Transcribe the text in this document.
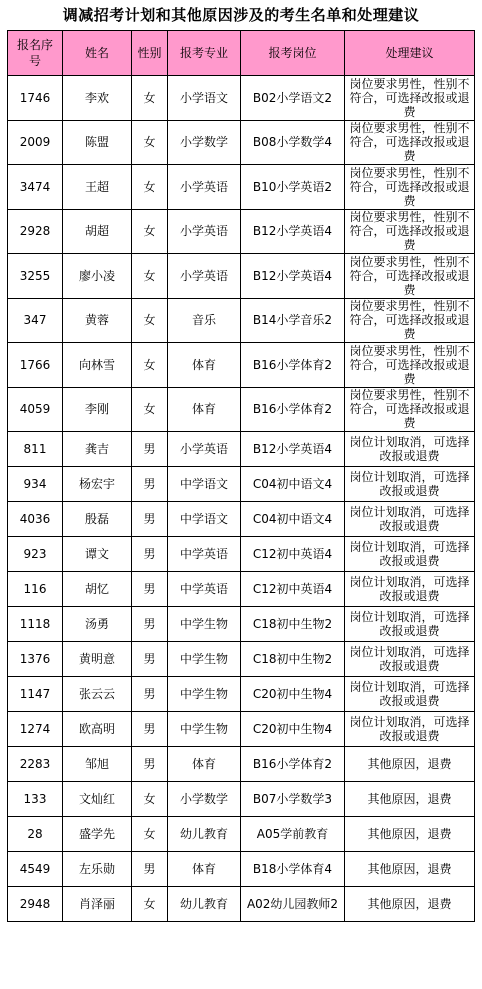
调减招考计划和其他原因涉及的考生名单和处理建议
报名序号	姓名	性别	报考专业	报考岗位	处理建议
1746	李欢	女	小学语文	B02小学语文2	岗位要求男性，性别不符合，可选择改报或退费
2009	陈盟	女	小学数学	B08小学数学4	岗位要求男性，性别不符合，可选择改报或退费
3474	王超	女	小学英语	B10小学英语2	岗位要求男性，性别不符合，可选择改报或退费
2928	胡超	女	小学英语	B12小学英语4	岗位要求男性，性别不符合，可选择改报或退费
3255	廖小凌	女	小学英语	B12小学英语4	岗位要求男性，性别不符合，可选择改报或退费
347	黄蓉	女	音乐	B14小学音乐2	岗位要求男性，性别不符合，可选择改报或退费
1766	向林雪	女	体育	B16小学体育2	岗位要求男性，性别不符合，可选择改报或退费
4059	李刚	女	体育	B16小学体育2	岗位要求男性，性别不符合，可选择改报或退费
811	龚吉	男	小学英语	B12小学英语4	岗位计划取消，可选择改报或退费
934	杨宏宇	男	中学语文	C04初中语文4	岗位计划取消，可选择改报或退费
4036	殷磊	男	中学语文	C04初中语文4	岗位计划取消，可选择改报或退费
923	谭文	男	中学英语	C12初中英语4	岗位计划取消，可选择改报或退费
116	胡忆	男	中学英语	C12初中英语4	岗位计划取消，可选择改报或退费
1118	汤勇	男	中学生物	C18初中生物2	岗位计划取消，可选择改报或退费
1376	黄明意	男	中学生物	C18初中生物2	岗位计划取消，可选择改报或退费
1147	张云云	男	中学生物	C20初中生物4	岗位计划取消，可选择改报或退费
1274	欧高明	男	中学生物	C20初中生物4	岗位计划取消，可选择改报或退费
2283	邹旭	男	体育	B16小学体育2	其他原因，退费
133	文灿红	女	小学数学	B07小学数学3	其他原因，退费
28	盛学先	女	幼儿教育	A05学前教育	其他原因，退费
4549	左乐勋	男	体育	B18小学体育4	其他原因，退费
2948	肖泽丽	女	幼儿教育	A02幼儿园教师2	其他原因，退费
